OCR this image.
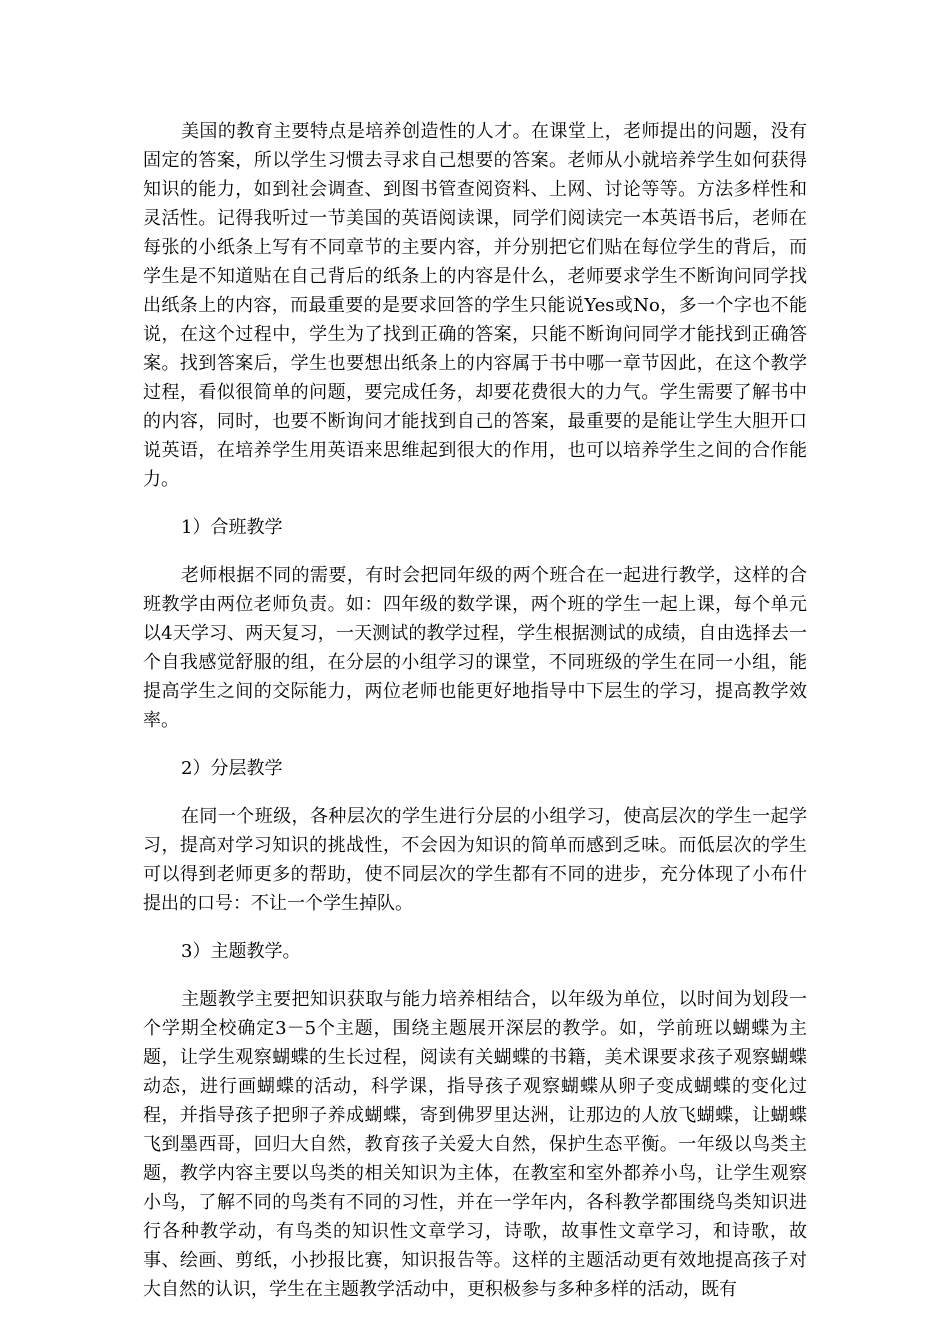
美国的教育主要特点是培养创造性的人才。在课堂上，老师提出的问题，没有固定的答案，所以学生习惯去寻求自己想要的答案。老师从小就培养学生如何获得知识的能力，如到社会调查、到图书管查阅资料、上网、讨论等等。方法多样性和灵活性。记得我听过一节美国的英语阅读课，同学们阅读完一本英语书后，老师在每张的小纸条上写有不同章节的主要内容，并分别把它们贴在每位学生的背后，而学生是不知道贴在自己背后的纸条上的内容是什么，老师要求学生不断询问同学找出纸条上的内容，而最重要的是要求回答的学生只能说Yes或No，多一个字也不能说，在这个过程中，学生为了找到正确的答案，只能不断询问同学才能找到正确答案。找到答案后，学生也要想出纸条上的内容属于书中哪一章节因此，在这个教学过程，看似很简单的问题，要完成任务，却要花费很大的力气。学生需要了解书中的内容，同时，也要不断询问才能找到自己的答案，最重要的是能让学生大胆开口说英语，在培养学生用英语来思维起到很大的作用，也可以培养学生之间的合作能力。

1）合班教学

老师根据不同的需要，有时会把同年级的两个班合在一起进行教学，这样的合班教学由两位老师负责。如：四年级的数学课，两个班的学生一起上课，每个单元以4天学习、两天复习，一天测试的教学过程，学生根据测试的成绩，自由选择去一个自我感觉舒服的组，在分层的小组学习的课堂，不同班级的学生在同一小组，能提高学生之间的交际能力，两位老师也能更好地指导中下层生的学习，提高教学效率。

2）分层教学

在同一个班级，各种层次的学生进行分层的小组学习，使高层次的学生一起学习，提高对学习知识的挑战性，不会因为知识的简单而感到乏味。而低层次的学生可以得到老师更多的帮助，使不同层次的学生都有不同的进步，充分体现了小布什提出的口号：不让一个学生掉队。

3）主题教学。

主题教学主要把知识获取与能力培养相结合，以年级为单位，以时间为划段一个学期全校确定3－5个主题，围绕主题展开深层的教学。如，学前班以蝴蝶为主题，让学生观察蝴蝶的生长过程，阅读有关蝴蝶的书籍，美术课要求孩子观察蝴蝶动态，进行画蝴蝶的活动，科学课，指导孩子观察蝴蝶从卵子变成蝴蝶的变化过程，并指导孩子把卵子养成蝴蝶，寄到佛罗里达洲，让那边的人放飞蝴蝶，让蝴蝶飞到墨西哥，回归大自然，教育孩子关爱大自然，保护生态平衡。一年级以鸟类主题，教学内容主要以鸟类的相关知识为主体，在教室和室外都养小鸟，让学生观察小鸟，了解不同的鸟类有不同的习性，并在一学年内，各科教学都围绕鸟类知识进行各种教学动，有鸟类的知识性文章学习，诗歌，故事性文章学习，和诗歌，故事、绘画、剪纸，小抄报比赛，知识报告等。这样的主题活动更有效地提高孩子对大自然的认识，学生在主题教学活动中，更积极参与多种多样的活动，既有
